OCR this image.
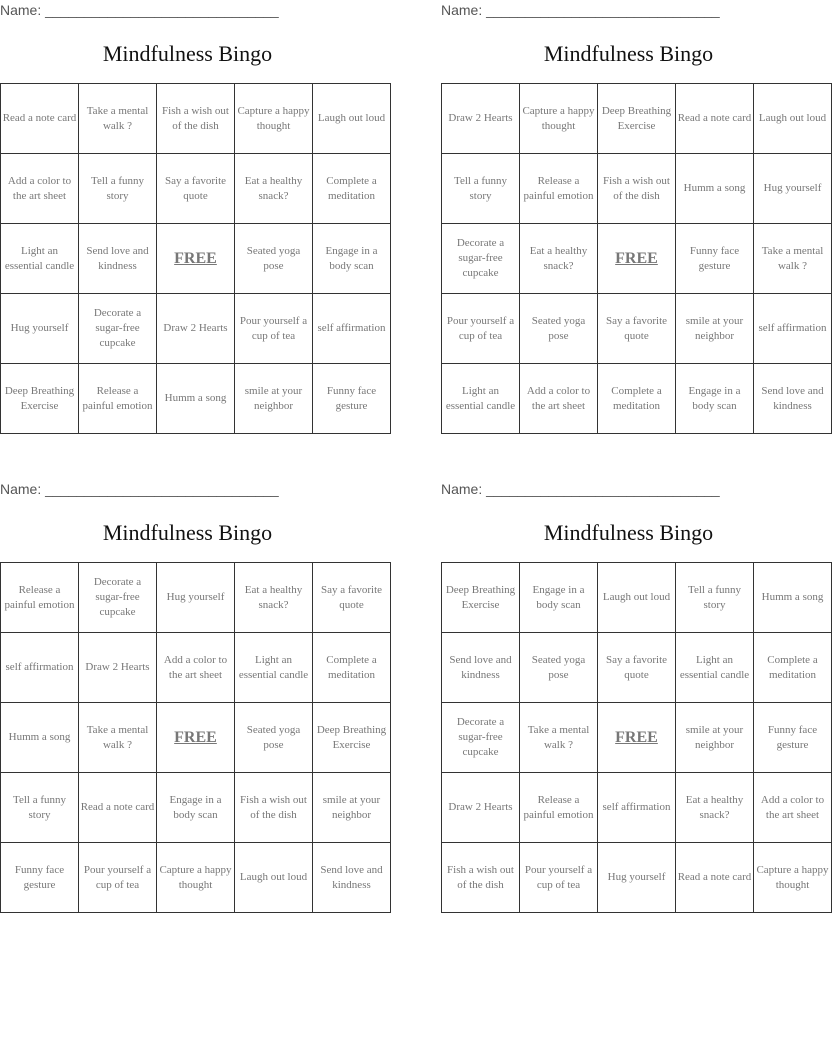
Name: ______________________________
Mindfulness Bingo
Read a note card	Take a mental walk ?	Fish a wish out of the dish	Capture a happy thought	Laugh out loud
Add a color to the art sheet	Tell a funny story	Say a favorite quote	Eat a healthy snack?	Complete a meditation
Light an essential candle	Send love and kindness	FREE	Seated yoga pose	Engage in a body scan
Hug yourself	Decorate a sugar-free cupcake	Draw 2 Hearts	Pour yourself a cup of tea	self affirmation
Deep Breathing Exercise	Release a painful emotion	Humm a song	smile at your neighbor	Funny face gesture
Name: ______________________________
Mindfulness Bingo
Draw 2 Hearts	Capture a happy thought	Deep Breathing Exercise	Read a note card	Laugh out loud
Tell a funny story	Release a painful emotion	Fish a wish out of the dish	Humm a song	Hug yourself
Decorate a sugar-free cupcake	Eat a healthy snack?	FREE	Funny face gesture	Take a mental walk ?
Pour yourself a cup of tea	Seated yoga pose	Say a favorite quote	smile at your neighbor	self affirmation
Light an essential candle	Add a color to the art sheet	Complete a meditation	Engage in a body scan	Send love and kindness
Name: ______________________________
Mindfulness Bingo
Release a painful emotion	Decorate a sugar-free cupcake	Hug yourself	Eat a healthy snack?	Say a favorite quote
self affirmation	Draw 2 Hearts	Add a color to the art sheet	Light an essential candle	Complete a meditation
Humm a song	Take a mental walk ?	FREE	Seated yoga pose	Deep Breathing Exercise
Tell a funny story	Read a note card	Engage in a body scan	Fish a wish out of the dish	smile at your neighbor
Funny face gesture	Pour yourself a cup of tea	Capture a happy thought	Laugh out loud	Send love and kindness
Name: ______________________________
Mindfulness Bingo
Deep Breathing Exercise	Engage in a body scan	Laugh out loud	Tell a funny story	Humm a song
Send love and kindness	Seated yoga pose	Say a favorite quote	Light an essential candle	Complete a meditation
Decorate a sugar-free cupcake	Take a mental walk ?	FREE	smile at your neighbor	Funny face gesture
Draw 2 Hearts	Release a painful emotion	self affirmation	Eat a healthy snack?	Add a color to the art sheet
Fish a wish out of the dish	Pour yourself a cup of tea	Hug yourself	Read a note card	Capture a happy thought
